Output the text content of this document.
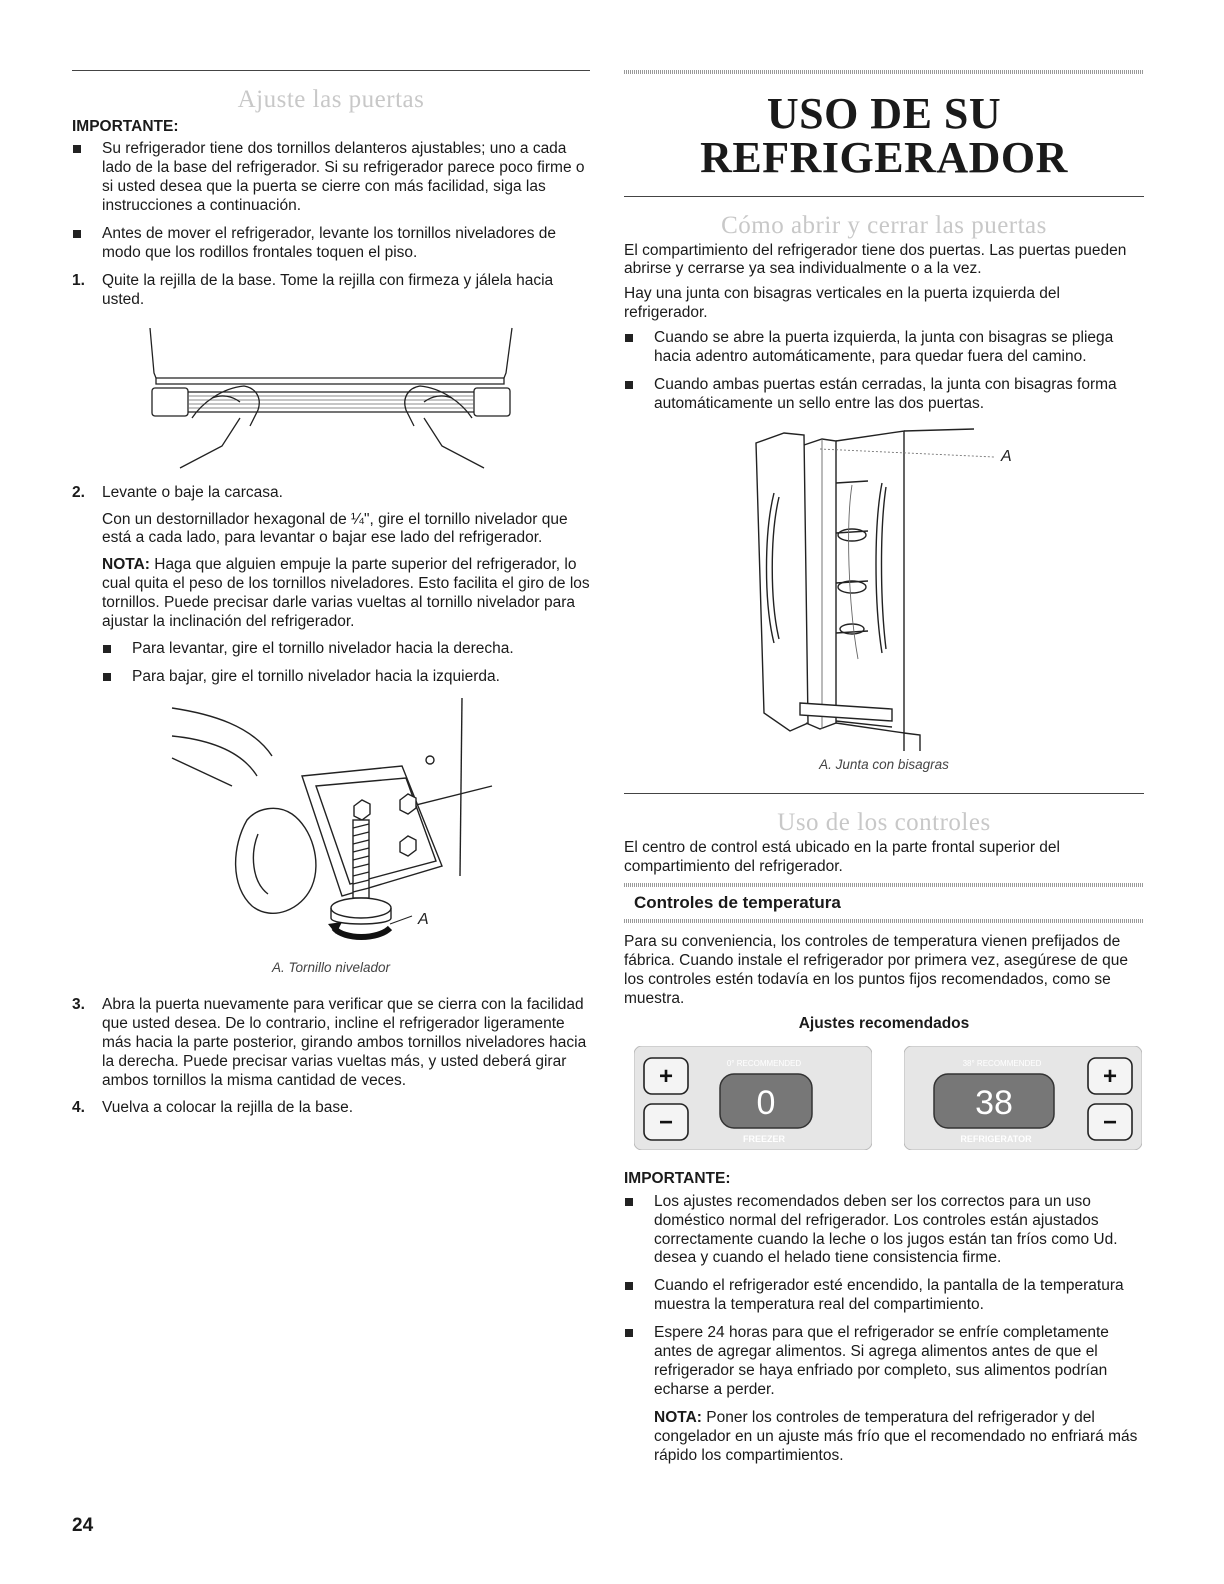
Ajuste las puertas
IMPORTANTE:
Su refrigerador tiene dos tornillos delanteros ajustables; uno a cada lado de la base del refrigerador. Si su refrigerador parece poco firme o si usted desea que la puerta se cierre con más facilidad, siga las instrucciones a continuación.
Antes de mover el refrigerador, levante los tornillos niveladores de modo que los rodillos frontales toquen el piso.
1. Quite la rejilla de la base. Tome la rejilla con firmeza y jálela hacia usted.

2. Levante o baje la carcasa.

Con un destornillador hexagonal de ¼", gire el tornillo nivelador que está a cada lado, para levantar o bajar ese lado del refrigerador.

NOTA: Haga que alguien empuje la parte superior del refrigerador, lo cual quita el peso de los tornillos niveladores. Esto facilita el giro de los tornillos. Puede precisar darle varias vueltas al tornillo nivelador para ajustar la inclinación del refrigerador.

Para levantar, gire el tornillo nivelador hacia la derecha.
Para bajar, gire el tornillo nivelador hacia la izquierda.
A
A. Tornillo nivelador
3. Abra la puerta nuevamente para verificar que se cierra con la facilidad que usted desea. De lo contrario, incline el refrigerador ligeramente más hacia la parte posterior, girando ambos tornillos niveladores hacia la derecha. Puede precisar varias vueltas más, y usted deberá girar ambos tornillos la misma cantidad de veces.

4. Vuelva a colocar la rejilla de la base.

USO DE SU
REFRIGERADOR
Cómo abrir y cerrar las puertas

El compartimiento del refrigerador tiene dos puertas. Las puertas pueden abrirse y cerrarse ya sea individualmente o a la vez.

Hay una junta con bisagras verticales en la puerta izquierda del refrigerador.

Cuando se abre la puerta izquierda, la junta con bisagras se pliega hacia adentro automáticamente, para quedar fuera del camino.
Cuando ambas puertas están cerradas, la junta con bisagras forma automáticamente un sello entre las dos puertas.
A
A. Junta con bisagras
Uso de los controles

El centro de control está ubicado en la parte frontal superior del compartimiento del refrigerador.

Controles de temperatura

Para su conveniencia, los controles de temperatura vienen prefijados de fábrica. Cuando instale el refrigerador por primera vez, asegúrese de que los controles estén todavía en los puntos fijos recomendados, como se muestra.

Ajustes recomendados
+
−
0° RECOMMENDED
0
FREEZER
38° RECOMMENDED
38
REFRIGERATOR
+
−
IMPORTANTE:
Los ajustes recomendados deben ser los correctos para un uso doméstico normal del refrigerador. Los controles están ajustados correctamente cuando la leche o los jugos están tan fríos como Ud. desea y cuando el helado tiene consistencia firme.
Cuando el refrigerador esté encendido, la pantalla de la temperatura muestra la temperatura real del compartimiento.
Espere 24 horas para que el refrigerador se enfríe completamente antes de agregar alimentos. Si agrega alimentos antes de que el refrigerador se haya enfriado por completo, sus alimentos podrían echarse a perder.

NOTA: Poner los controles de temperatura del refrigerador y del congelador en un ajuste más frío que el recomendado no enfriará más rápido los compartimientos.

24
